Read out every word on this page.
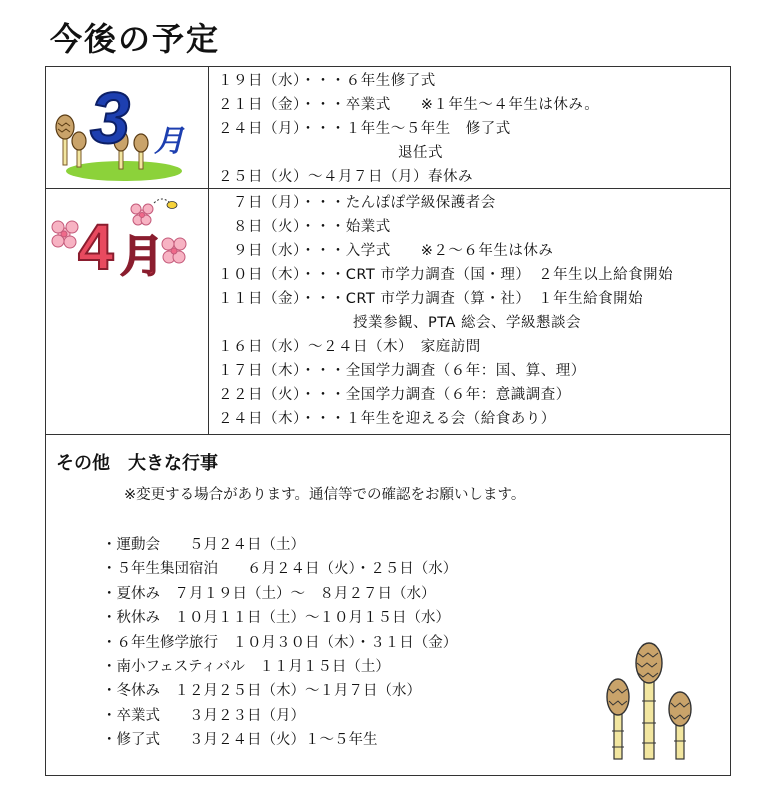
今後の予定
3 月
１９日（水）・・・６年生修了式
２１日（金）・・・卒業式　　※１年生～４年生は休み。
２４日（月）・・・１年生～５年生　修了式
　　　　　　　　　　　　退任式
２５日（火）～４月７日（月）春休み
4 月
　７日（月）・・・たんぽぽ学級保護者会
　８日（火）・・・始業式
　９日（水）・・・入学式　　※２～６年生は休み
１０日（木）・・・CRT 市学力調査（国・理）　２年生以上給食開始
１１日（金）・・・CRT 市学力調査（算・社）　１年生給食開始
　　　　　　　　　授業参観、PTA 総会、学級懇談会
１６日（水）～２４日（木）　家庭訪問
１７日（木）・・・全国学力調査（６年：国、算、理）
２２日（火）・・・全国学力調査（６年：意識調査）
２４日（木）・・・１年生を迎える会（給食あり）
その他　大きな行事
※変更する場合があります。通信等での確認をお願いします。
・運動会　　５月２４日（土）
・５年生集団宿泊　　６月２４日（火）・２５日（水）
・夏休み　７月１９日（土）～　８月２７日（水）
・秋休み　１０月１１日（土）～１０月１５日（水）
・６年生修学旅行　１０月３０日（木）・３１日（金）
・南小フェスティバル　１１月１５日（土）
・冬休み　１２月２５日（木）～１月７日（水）
・卒業式　　３月２３日（月）
・修了式　　３月２４日（火）１～５年生
